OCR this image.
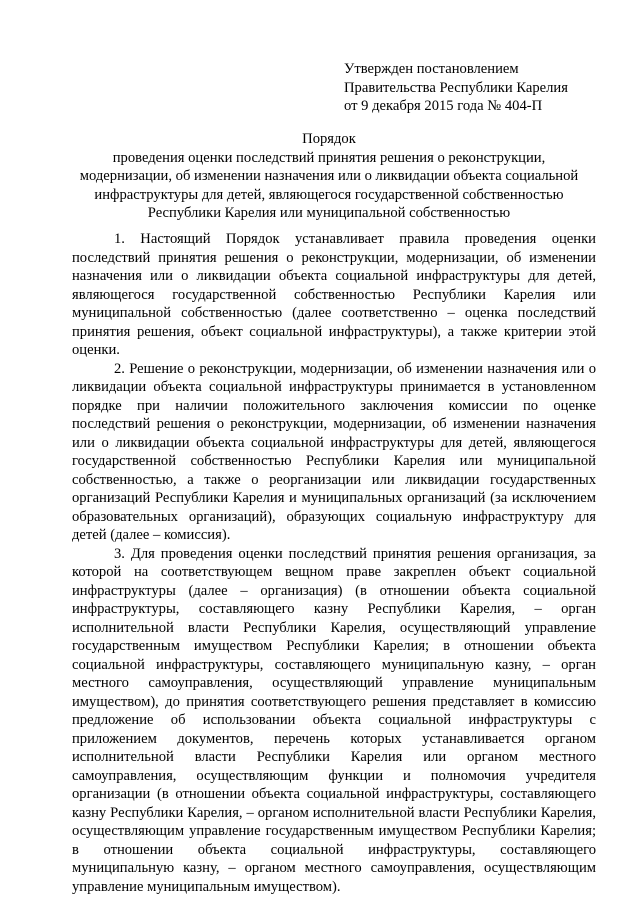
Утвержден постановлением
Правительства Республики Карелия
от 9 декабря 2015 года № 404-П
Порядок
проведения оценки последствий принятия решения о реконструкции, модернизации, об изменении назначения или о ликвидации объекта социальной инфраструктуры для детей, являющегося государственной собственностью Республики Карелия или муниципальной собственностью

1. Настоящий Порядок устанавливает правила проведения оценки последствий принятия решения о реконструкции, модернизации, об изменении назначения или о ликвидации объекта социальной инфраструктуры для детей, являющегося государственной собственностью Республики Карелия или муниципальной собственностью (далее соответственно – оценка последствий принятия решения, объект социальной инфраструктуры), а также критерии этой оценки.

2. Решение о реконструкции, модернизации, об изменении назначения или о ликвидации объекта социальной инфраструктуры принимается в установленном порядке при наличии положительного заключения комиссии по оценке последствий решения о реконструкции, модернизации, об изменении назначения или о ликвидации объекта социальной инфраструктуры для детей, являющегося государственной собственностью Республики Карелия или муниципальной собственностью, а также о реорганизации или ликвидации государственных организаций Республики Карелия и муниципальных организаций (за исключением образовательных организаций), образующих социальную инфраструктуру для детей (далее – комиссия).

3. Для проведения оценки последствий принятия решения организация, за которой на соответствующем вещном праве закреплен объект социальной инфраструктуры (далее – организация) (в отношении объекта социальной инфраструктуры, составляющего казну Республики Карелия, – орган исполнительной власти Республики Карелия, осуществляющий управление государственным имуществом Республики Карелия; в отношении объекта социальной инфраструктуры, составляющего муниципальную казну, – орган местного самоуправления, осуществляющий управление муниципальным имуществом), до принятия соответствующего решения представляет в комиссию предложение об использовании объекта социальной инфраструктуры с приложением документов, перечень которых устанавливается органом исполнительной власти Республики Карелия или органом местного самоуправления, осуществляющим функции и полномочия учредителя организации (в отношении объекта социальной инфраструктуры, составляющего казну Республики Карелия, – органом исполнительной власти Республики Карелия, осуществляющим управление государственным имуществом Республики Карелия; в отношении объекта социальной инфраструктуры, составляющего муниципальную казну, – органом местного самоуправления, осуществляющим управление муниципальным имуществом).
